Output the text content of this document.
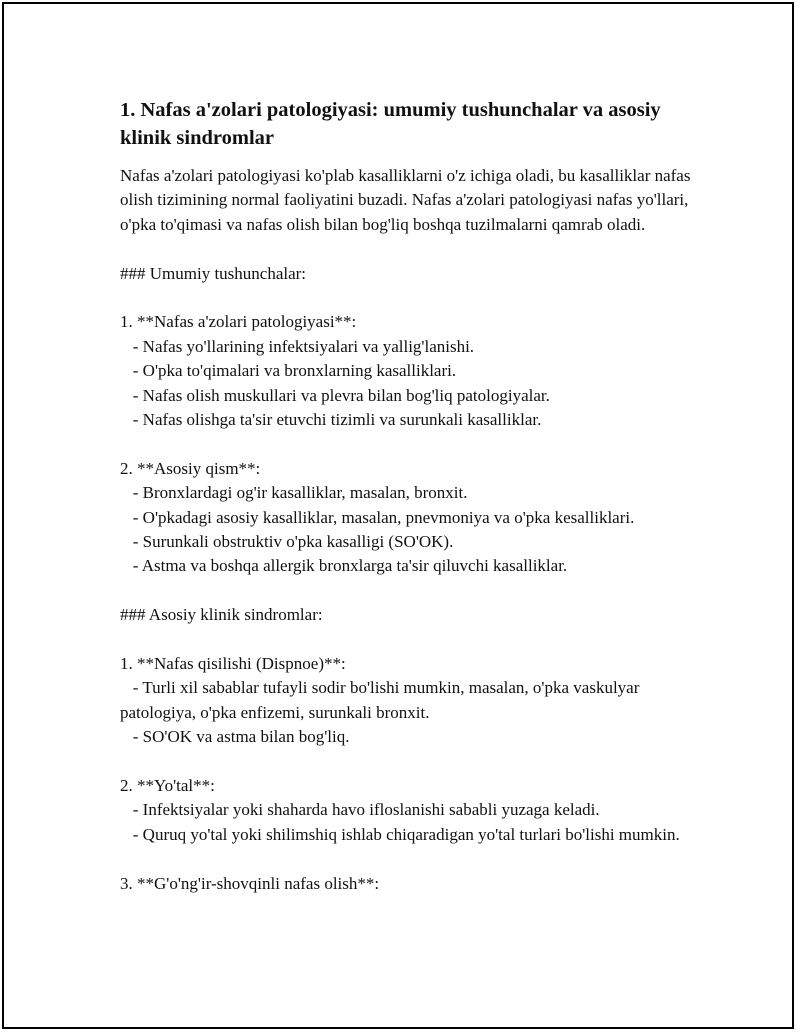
1. Nafas a'zolari patologiyasi: umumiy tushunchalar va asosiy klinik sindromlar

Nafas a'zolari patologiyasi ko'plab kasalliklarni o'z ichiga oladi, bu kasalliklar nafas olish tizimining normal faoliyatini buzadi. Nafas a'zolari patologiyasi nafas yo'llari, o'pka to'qimasi va nafas olish bilan bog'liq boshqa tuzilmalarni qamrab oladi.

### Umumiy tushunchalar:

1. **Nafas a'zolari patologiyasi**:

- Nafas yo'llarining infektsiyalari va yallig'lanishi.

- O'pka to'qimalari va bronxlarning kasalliklari.

- Nafas olish muskullari va plevra bilan bog'liq patologiyalar.

- Nafas olishga ta'sir etuvchi tizimli va surunkali kasalliklar.

2. **Asosiy qism**:

- Bronxlardagi og'ir kasalliklar, masalan, bronxit.

- O'pkadagi asosiy kasalliklar, masalan, pnevmoniya va o'pka kesalliklari.

- Surunkali obstruktiv o'pka kasalligi (SO'OK).

- Astma va boshqa allergik bronxlarga ta'sir qiluvchi kasalliklar.

### Asosiy klinik sindromlar:

1. **Nafas qisilishi (Dispnoe)**:

- Turli xil sabablar tufayli sodir bo'lishi mumkin, masalan, o'pka vaskulyar patologiya, o'pka enfizemi, surunkali bronxit.

- SO'OK va astma bilan bog'liq.

2. **Yo'tal**:

- Infektsiyalar yoki shaharda havo ifloslanishi sababli yuzaga keladi.

- Quruq yo'tal yoki shilimshiq ishlab chiqaradigan yo'tal turlari bo'lishi mumkin.

3. **G'o'ng'ir-shovqinli nafas olish**:
